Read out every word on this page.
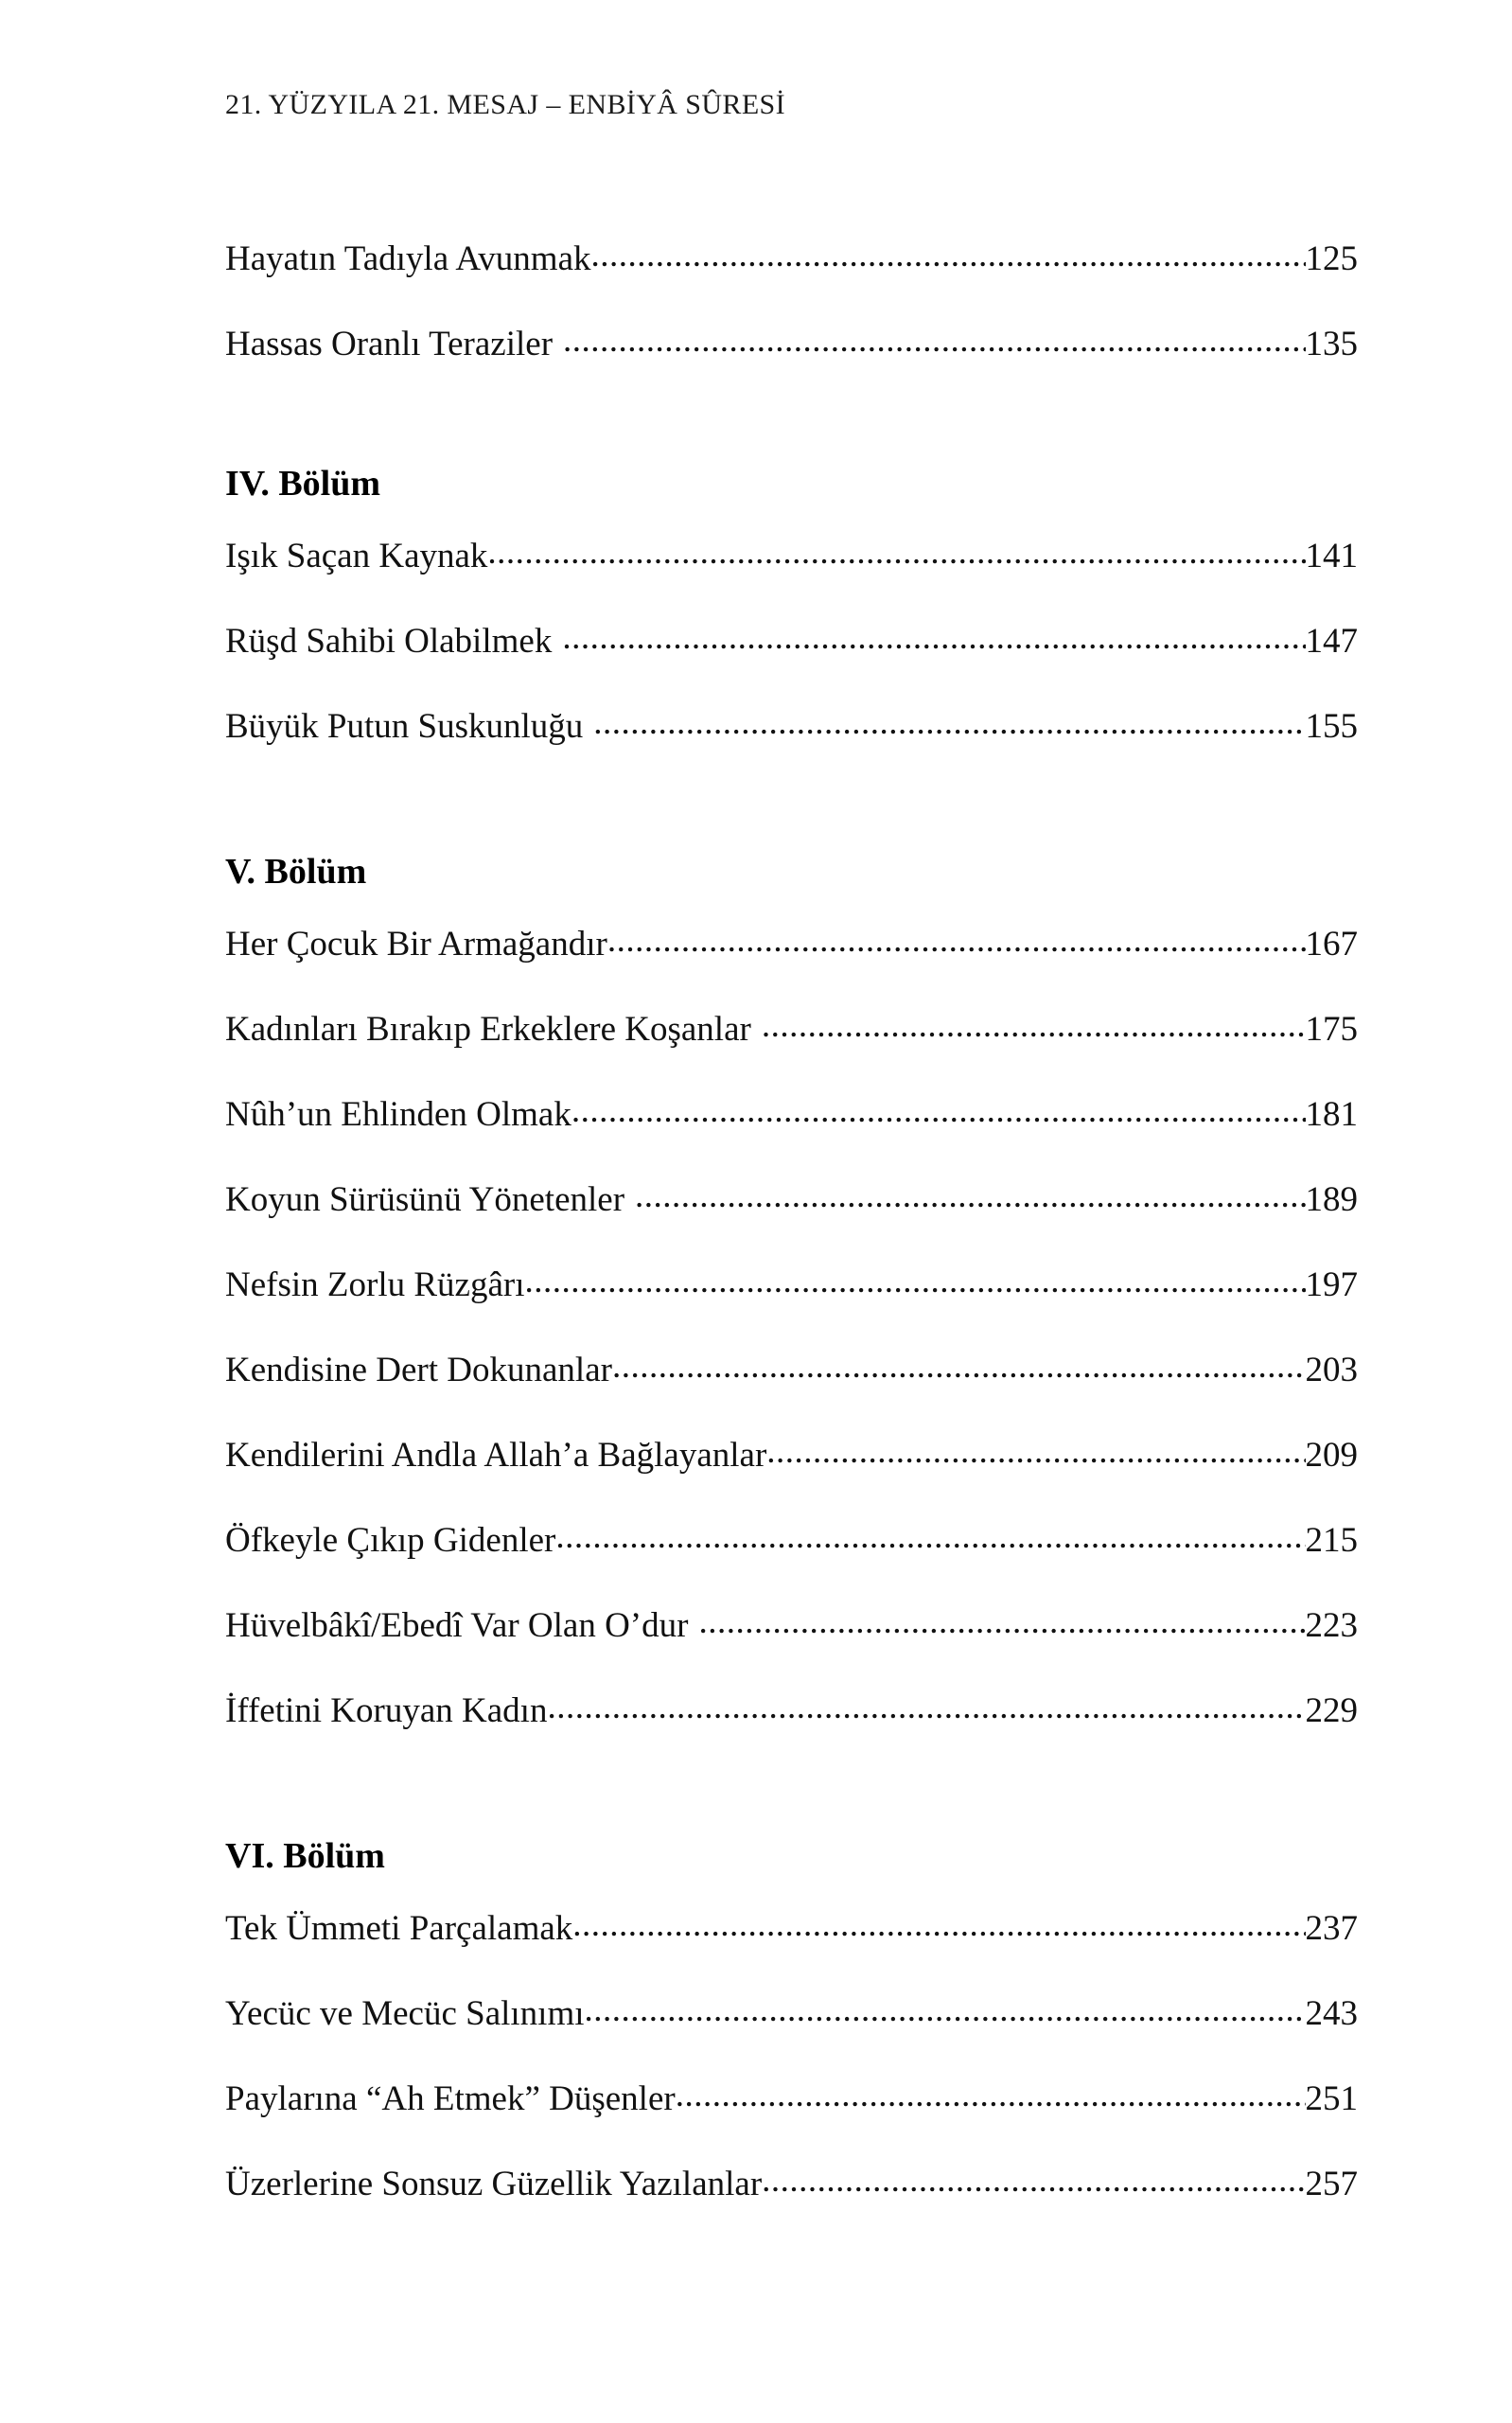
21. YÜZYILA 21. MESAJ – ENBİYÂ SÛRESİ
Hayatın Tadıyla Avunmak .....	125
Hassas Oranlı Teraziler .....	135
IV. Bölüm
Işık Saçan Kaynak .....	141
Rüşd Sahibi Olabilmek .....	147
Büyük Putun Suskunluğu .....	155
V. Bölüm
Her Çocuk Bir Armağandır .....	167
Kadınları Bırakıp Erkeklere Koşanlar .....	175
Nûh’un Ehlinden Olmak .....	181
Koyun Sürüsünü Yönetenler .....	189
Nefsin Zorlu Rüzgârı .....	197
Kendisine Dert Dokunanlar .....	203
Kendilerini Andla Allah’a Bağlayanlar .....	209
Öfkeyle Çıkıp Gidenler .....	215
Hüvelbâkî/Ebedî Var Olan O’dur .....	223
İffetini Koruyan Kadın .....	229
VI. Bölüm
Tek Ümmeti Parçalamak .....	237
Yecüc ve Mecüc Salınımı .....	243
Paylarına “Ah Etmek” Düşenler .....	251
Üzerlerine Sonsuz Güzellik Yazılanlar .....	257
